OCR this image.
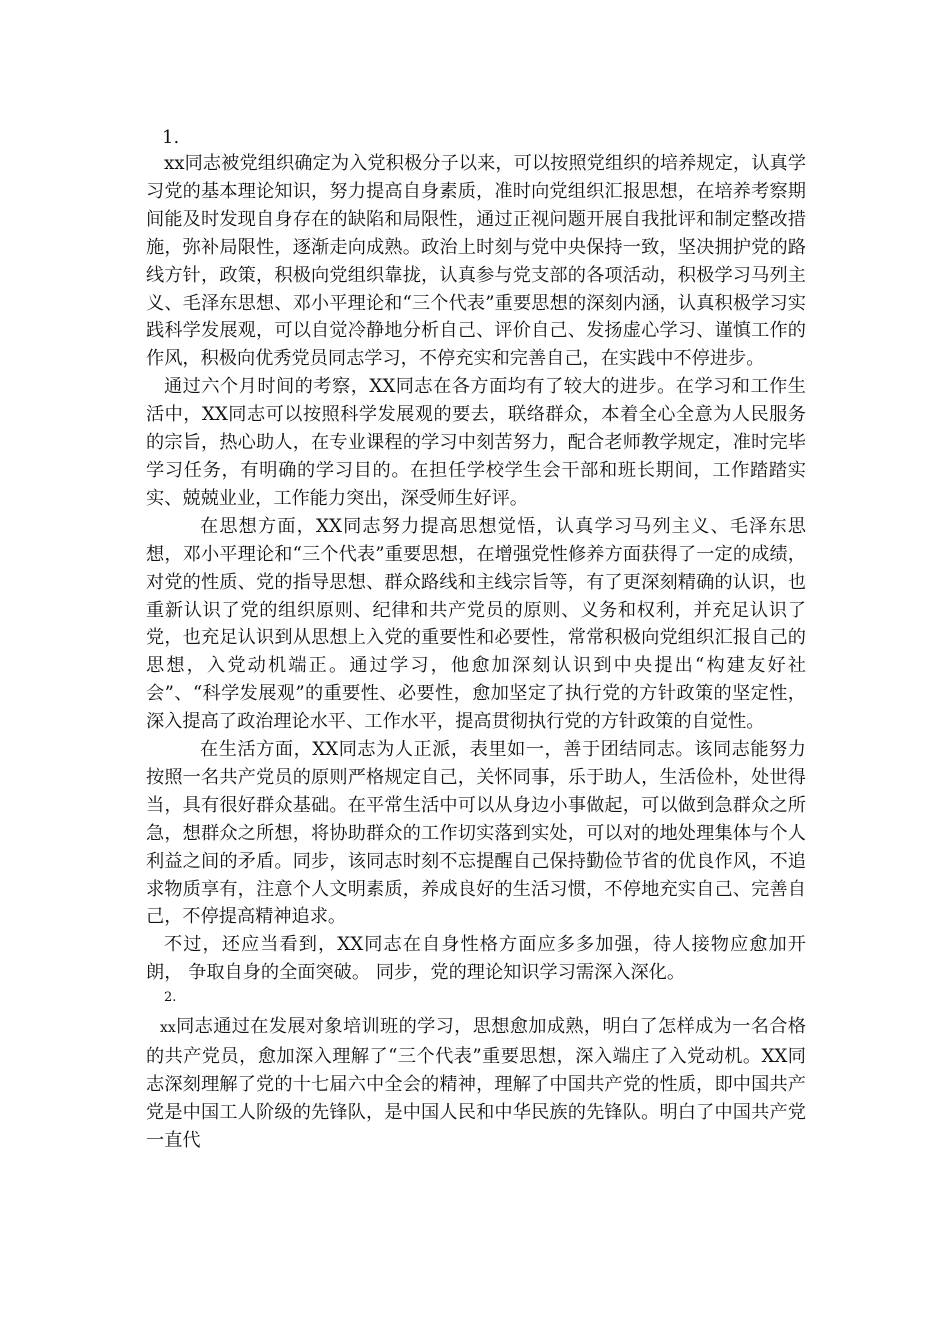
1.

xx同志被党组织确定为入党积极分子以来，可以按照党组织的培养规定，认真学习党的基本理论知识，努力提高自身素质，准时向党组织汇报思想，在培养考察期间能及时发现自身存在的缺陷和局限性，通过正视问题开展自我批评和制定整改措施，弥补局限性，逐渐走向成熟。政治上时刻与党中央保持一致，坚决拥护党的路线方针，政策，积极向党组织靠拢，认真参与党支部的各项活动，积极学习马列主义、毛泽东思想、邓小平理论和“三个代表”重要思想的深刻内涵，认真积极学习实践科学发展观，可以自觉冷静地分析自己、评价自己、发扬虚心学习、谨慎工作的作风，积极向优秀党员同志学习，不停充实和完善自己，在实践中不停进步。

通过六个月时间的考察，XX同志在各方面均有了较大的进步。在学习和工作生活中，XX同志可以按照科学发展观的要去，联络群众，本着全心全意为人民服务的宗旨，热心助人，在专业课程的学习中刻苦努力，配合老师教学规定，准时完毕学习任务，有明确的学习目的。在担任学校学生会干部和班长期间，工作踏踏实实、兢兢业业，工作能力突出，深受师生好评。

在思想方面，XX同志努力提高思想觉悟，认真学习马列主义、毛泽东思想，邓小平理论和“三个代表”重要思想，在增强党性修养方面获得了一定的成绩，对党的性质、党的指导思想、群众路线和主线宗旨等，有了更深刻精确的认识，也重新认识了党的组织原则、纪律和共产党员的原则、义务和权利，并充足认识了党，也充足认识到从思想上入党的重要性和必要性，常常积极向党组织汇报自己的思想，入党动机端正。通过学习，他愈加深刻认识到中央提出“构建友好社会”、“科学发展观”的重要性、必要性，愈加坚定了执行党的方针政策的坚定性，深入提高了政治理论水平、工作水平，提高贯彻执行党的方针政策的自觉性。

在生活方面，XX同志为人正派，表里如一，善于团结同志。该同志能努力按照一名共产党员的原则严格规定自己，关怀同事，乐于助人，生活俭朴，处世得当，具有很好群众基础。在平常生活中可以从身边小事做起，可以做到急群众之所急，想群众之所想，将协助群众的工作切实落到实处，可以对的地处理集体与个人利益之间的矛盾。同步，该同志时刻不忘提醒自己保持勤俭节省的优良作风，不追求物质享有，注意个人文明素质，养成良好的生活习惯，不停地充实自己、完善自己，不停提高精神追求。

不过，还应当看到，XX同志在自身性格方面应多多加强，待人接物应愈加开朗， 争取自身的全面突破。 同步，党的理论知识学习需深入深化。

2.

xx同志通过在发展对象培训班的学习，思想愈加成熟，明白了怎样成为一名合格的共产党员，愈加深入理解了“三个代表”重要思想，深入端庄了入党动机。XX同志深刻理解了党的十七届六中全会的精神，理解了中国共产党的性质，即中国共产党是中国工人阶级的先锋队，是中国人民和中华民族的先锋队。明白了中国共产党一直代
